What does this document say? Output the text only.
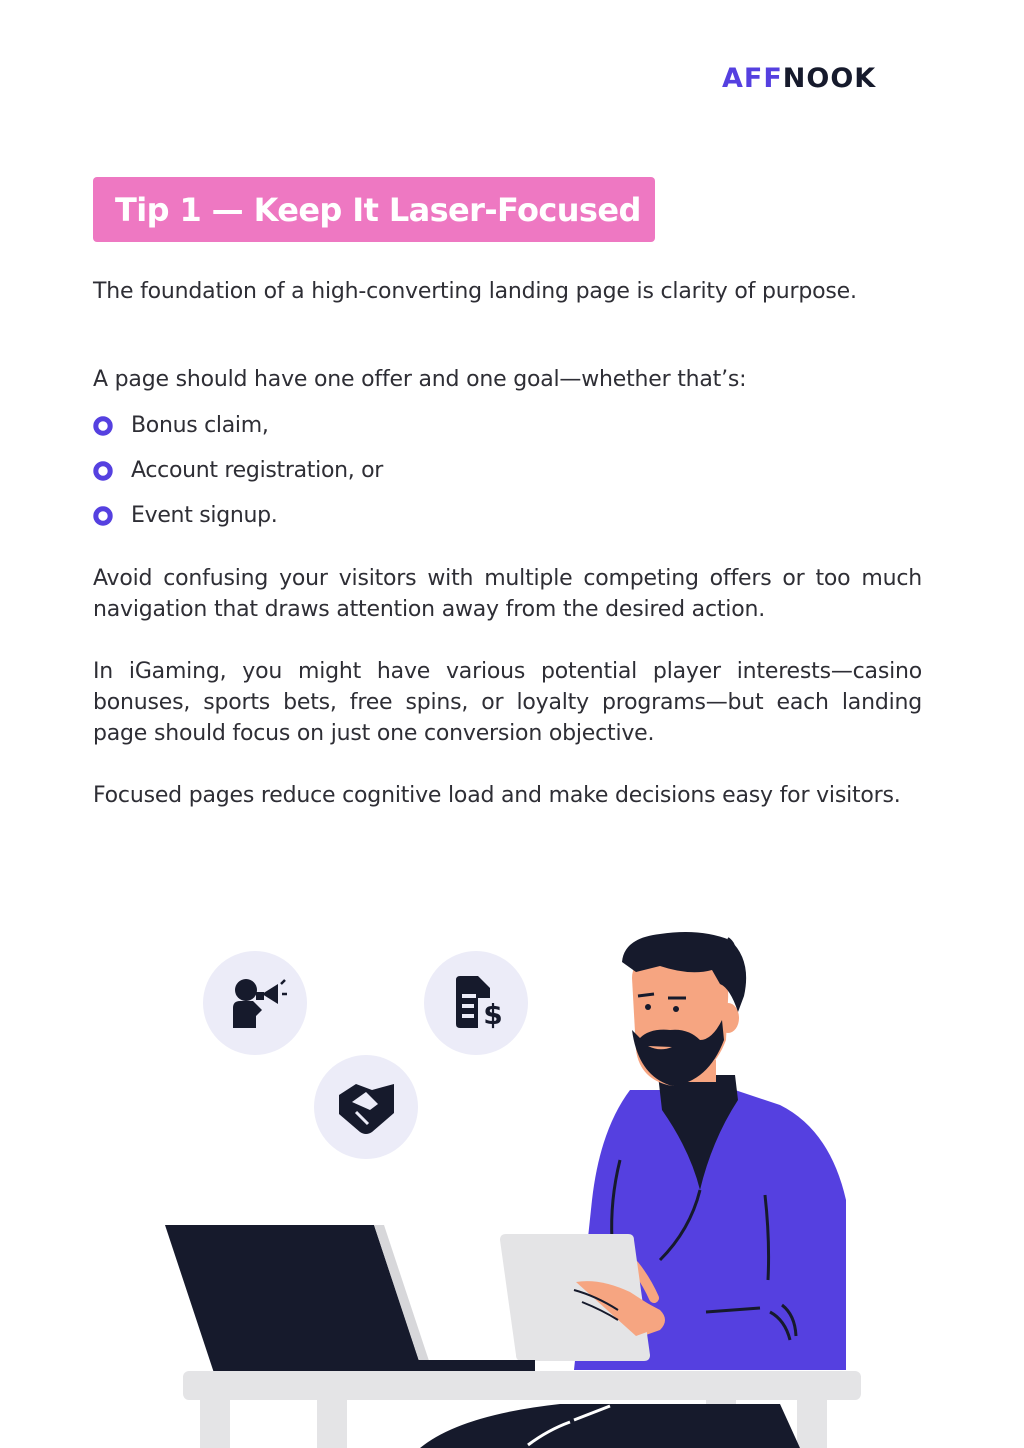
AFF NOOK
Tip 1 — Keep It Laser-Focused

The foundation of a high-converting landing page is clarity of purpose.

A page should have one offer and one goal—whether that’s:

Bonus claim,
Account registration, or
Event signup.

Avoid confusing your visitors with multiple competing offers or too much navigation that draws attention away from the desired action.

In iGaming, you might have various potential player interests—casino bonuses, sports bets, free spins, or loyalty programs—but each landing page should focus on just one conversion objective.

Focused pages reduce cognitive load and make decisions easy for visitors.

$
